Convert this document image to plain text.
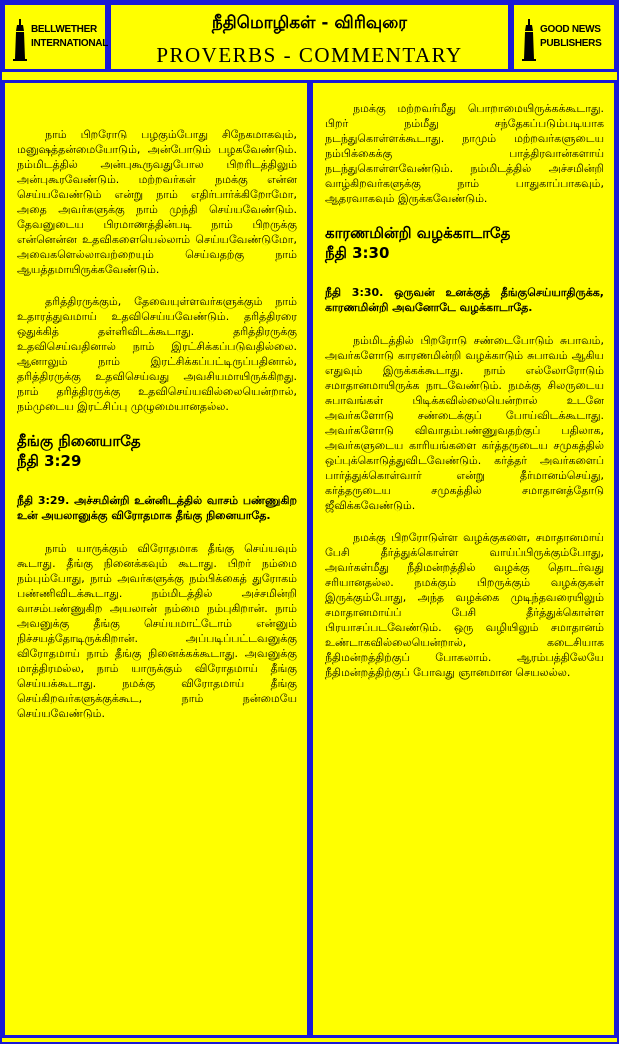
BELLWETHER
INTERNATIONAL
நீதிமொழிகள் - விரிவுரை
PROVERBS - COMMENTARY
GOOD NEWS
PUBLISHERS

நாம் பிறரோடு பழகும்போது சிநேகமாகவும், மனுஷத்தன்மையோடும், அன்போடும் பழகவேண்டும். நம்மிடத்தில் அன்புகூருவதுபோல பிறரிடத்திலும் அன்புகூரவேண்டும். மற்றவர்கள் நமக்கு என்ன செய்யவேண்டும் என்று நாம் எதிர்பார்க்கிறோமோ, அதை அவர்களுக்கு நாம் முந்தி செய்யவேண்டும். தேவனுடைய பிரமாணத்தின்படி நாம் பிறருக்கு என்னென்ன உதவிகளையெல்லாம் செய்யவேண்டுமோ, அவைகளெல்லாவற்றையும் செய்வதற்கு நாம் ஆயத்தமாயிருக்கவேண்டும்.

தரித்திரருக்கும், தேவையுள்ளவர்களுக்கும் நாம் உதாரத்துவமாய் உதவிசெய்யவேண்டும். தரித்திரரை ஒதுக்கித் தள்ளிவிடக்கூடாது. தரித்திரருக்கு உதவிசெய்வதினால் நாம் இரட்சிக்கப்படுவதில்லை. ஆனாலும் நாம் இரட்சிக்கப்பட்டிருப்பதினால், தரித்திரருக்கு உதவிசெய்வது அவசியமாயிருக்கிறது. நாம் தரித்திரருக்கு உதவிசெய்யவில்லையென்றால், நம்முடைய இரட்சிப்பு முழுமையானதல்ல.

தீங்கு நினையாதே
நீதி 3:29

நீதி 3:29. அச்சமின்றி உன்னிடத்தில் வாசம் பண்ணுகிற உன் அயலானுக்கு விரோதமாக தீங்கு நினையாதே.

நாம் யாருக்கும் விரோதமாக தீங்கு செய்யவும் கூடாது. தீங்கு நினைக்கவும் கூடாது. பிறர் நம்மை நம்பும்போது, நாம் அவர்களுக்கு நம்பிக்கைத் துரோகம் பண்ணிவிடக்கூடாது. நம்மிடத்தில் அச்சமின்றி வாசம்பண்ணுகிற அயலான் நம்மை நம்புகிறான். நாம் அவனுக்கு தீங்கு செய்யமாட்டோம் என்னும் நிச்சயத்தோடிருக்கிறான். அப்படிப்பட்டவனுக்கு விரோதமாய் நாம் தீங்கு நினைக்கக்கூடாது. அவனுக்கு மாத்திரமல்ல, நாம் யாருக்கும் விரோதமாய் தீங்கு செய்யக்கூடாது. நமக்கு விரோதமாய் தீங்கு செய்கிறவர்களுக்குக்கூட, நாம் நன்மையே செய்யவேண்டும்.

நமக்கு மற்றவர்மீது பொறாமையிருக்கக்கூடாது. பிறர் நம்மீது சந்தேகப்படும்படியாக நடந்துகொள்ளக்கூடாது. நாமும் மற்றவர்களுடைய நம்பிக்கைக்கு பாத்திரவான்களாய் நடந்துகொள்ளவேண்டும். நம்மிடத்தில் அச்சமின்றி வாழ்கிறவர்களுக்கு நாம் பாதுகாப்பாகவும், ஆதரவாகவும் இருக்கவேண்டும்.

காரணமின்றி வழக்காடாதே
நீதி 3:30

நீதி 3:30. ஒருவன் உனக்குத் தீங்குசெய்யாதிருக்க, காரணமின்றி அவனோடே வழக்காடாதே.

நம்மிடத்தில் பிறரோடு சண்டைபோடும் சுபாவம், அவர்களோடு காரணமின்றி வழக்காடும் சுபாவம் ஆகிய எதுவும் இருக்கக்கூடாது. நாம் எல்லோரோடும் சமாதானமாயிருக்க நாடவேண்டும். நமக்கு சிலருடைய சுபாவங்கள் பிடிக்கவில்லையென்றால் உடனே அவர்களோடு சண்டைக்குப் போய்விடக்கூடாது. அவர்களோடு விவாதம்பண்ணுவதற்குப் பதிலாக, அவர்களுடைய காரியங்களை கர்த்தருடைய சமுகத்தில் ஒப்புக்கொடுத்துவிடவேண்டும். கர்த்தர் அவர்களைப் பார்த்துக்கொள்வார் என்று தீர்மானம்செய்து, கர்த்தருடைய சமுகத்தில் சமாதானத்தோடு ஜீவிக்கவேண்டும்.

நமக்கு பிறரோடுள்ள வழக்குகளை, சமாதானமாய் பேசி தீர்த்துக்கொள்ள வாய்ப்பிருக்கும்போது, அவர்கள்மீது நீதிமன்றத்தில் வழக்கு தொடர்வது சரியானதல்ல. நமக்கும் பிறருக்கும் வழக்குகள் இருக்கும்போது, அந்த வழக்கை முடிந்தவரையிலும் சமாதானமாய்ப் பேசி தீர்த்துக்கொள்ள பிரயாசப்படவேண்டும். ஒரு வழியிலும் சமாதானம் உண்டாகவில்லையென்றால், கடைசியாக நீதிமன்றத்திற்குப் போகலாம். ஆரம்பத்திலேயே நீதிமன்றத்திற்குப் போவது ஞானமான செயலல்ல.
